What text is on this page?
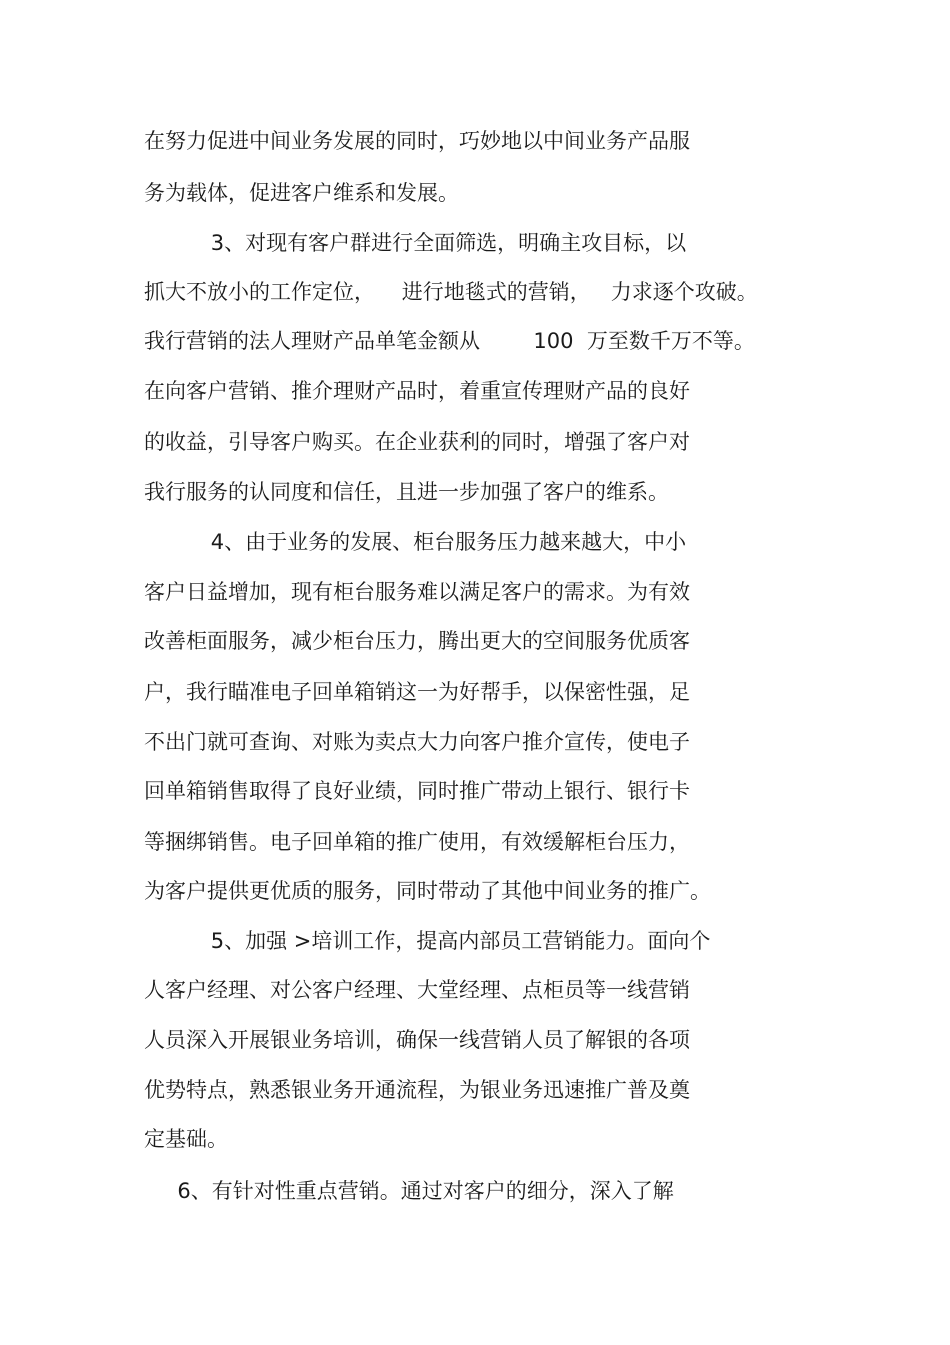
在努力促进中间业务发展的同时，巧妙地以中间业务产品服
务为载体，促进客户维系和发展。
3、对现有客户群进行全面筛选，明确主攻目标，以
抓大不放小的工作定位，    进行地毯式的营销，   力求逐个攻破。
我行营销的法人理财产品单笔金额从        100  万至数千万不等。
在向客户营销、推介理财产品时，着重宣传理财产品的良好
的收益，引导客户购买。在企业获利的同时，增强了客户对
我行服务的认同度和信任，且进一步加强了客户的维系。
4、由于业务的发展、柜台服务压力越来越大，中小
客户日益增加，现有柜台服务难以满足客户的需求。为有效
改善柜面服务，减少柜台压力，腾出更大的空间服务优质客
户，我行瞄准电子回单箱销这一为好帮手，以保密性强，足
不出门就可查询、对账为卖点大力向客户推介宣传，使电子
回单箱销售取得了良好业绩，同时推广带动上银行、银行卡
等捆绑销售。电子回单箱的推广使用，有效缓解柜台压力，
为客户提供更优质的服务，同时带动了其他中间业务的推广。
5、加强 >培训工作，提高内部员工营销能力。面向个
人客户经理、对公客户经理、大堂经理、点柜员等一线营销
人员深入开展银业务培训，确保一线营销人员了解银的各项
优势特点，熟悉银业务开通流程，为银业务迅速推广普及奠
定基础。
6、有针对性重点营销。通过对客户的细分，深入了解
